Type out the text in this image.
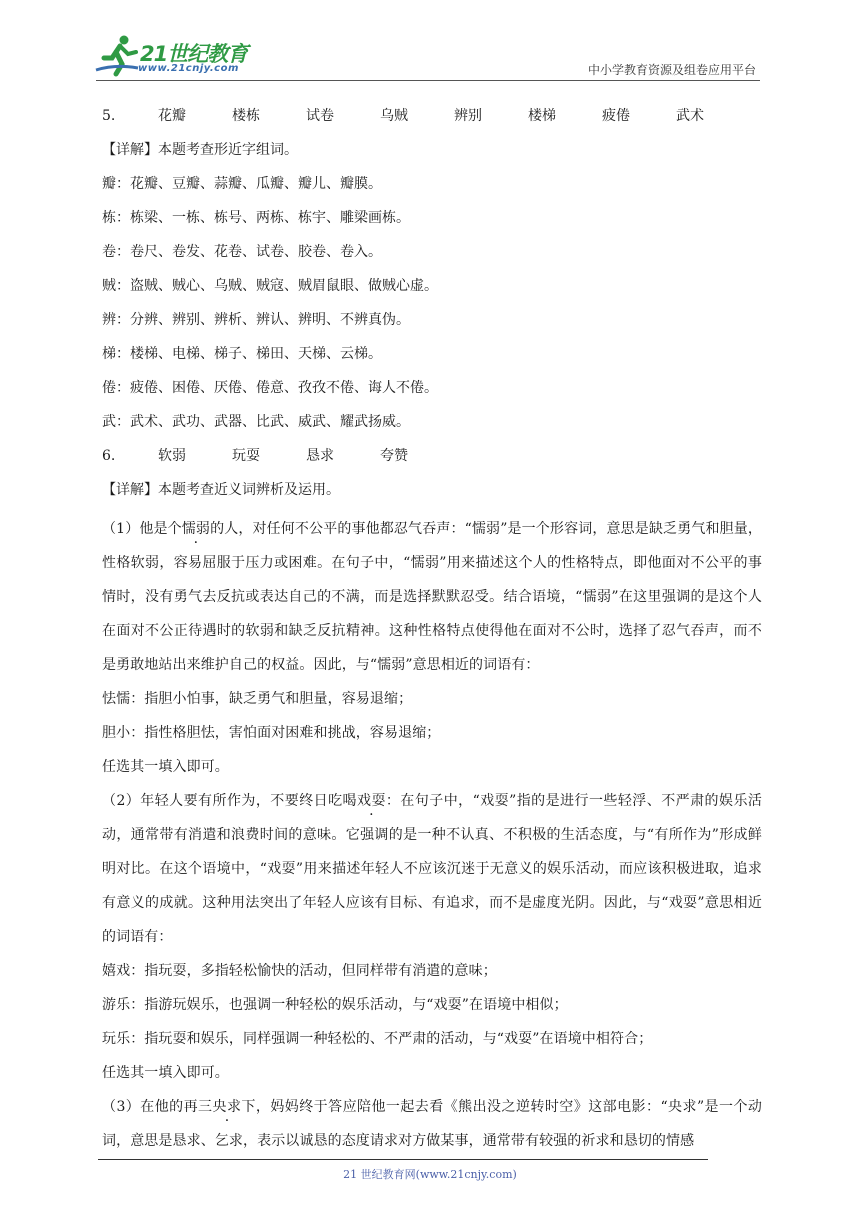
21世纪教育
www.21cnjy.com	中小学教育资源及组卷应用平台
5.	花瓣	楼栋	试卷	乌贼	辨别	楼梯	疲倦	武术
【详解】本题考查形近字组词。
瓣：花瓣、豆瓣、蒜瓣、瓜瓣、瓣儿、瓣膜。
栋：栋梁、一栋、栋号、两栋、栋宇、雕梁画栋。
卷：卷尺、卷发、花卷、试卷、胶卷、卷入。
贼：盗贼、贼心、乌贼、贼寇、贼眉鼠眼、做贼心虚。
辨：分辨、辨别、辨析、辨认、辨明、不辨真伪。
梯：楼梯、电梯、梯子、梯田、天梯、云梯。
倦：疲倦、困倦、厌倦、倦意、孜孜不倦、诲人不倦。
武：武术、武功、武器、比武、威武、耀武扬威。
6.	软弱	玩耍	恳求	夸赞
【详解】本题考查近义词辨析及运用。

（1）他是个懦弱的人，对任何不公平的事他都忍气吞声：“懦弱”是一个形容词，意思是缺乏勇气和胆量，性格软弱，容易屈服于压力或困难。在句子中，“懦弱”用来描述这个人的性格特点，即他面对不公平的事情时，没有勇气去反抗或表达自己的不满，而是选择默默忍受。结合语境，“懦弱”在这里强调的是这个人在面对不公正待遇时的软弱和缺乏反抗精神。这种性格特点使得他在面对不公时，选择了忍气吞声，而不是勇敢地站出来维护自己的权益。因此，与“懦弱”意思相近的词语有：

怯懦：指胆小怕事，缺乏勇气和胆量，容易退缩；

胆小：指性格胆怯，害怕面对困难和挑战，容易退缩；

任选其一填入即可。

（2）年轻人要有所作为，不要终日吃喝戏耍：在句子中，“戏耍”指的是进行一些轻浮、不严肃的娱乐活动，通常带有消遣和浪费时间的意味。它强调的是一种不认真、不积极的生活态度，与“有所作为”形成鲜明对比。在这个语境中，“戏耍”用来描述年轻人不应该沉迷于无意义的娱乐活动，而应该积极进取，追求有意义的成就。这种用法突出了年轻人应该有目标、有追求，而不是虚度光阴。因此，与“戏耍”意思相近的词语有：

嬉戏：指玩耍，多指轻松愉快的活动，但同样带有消遣的意味；

游乐：指游玩娱乐，也强调一种轻松的娱乐活动，与“戏耍”在语境中相似；

玩乐：指玩耍和娱乐，同样强调一种轻松的、不严肃的活动，与“戏耍”在语境中相符合；

任选其一填入即可。

（3）在他的再三央求下，妈妈终于答应陪他一起去看《熊出没之逆转时空》这部电影：“央求”是一个动词，意思是恳求、乞求，表示以诚恳的态度请求对方做某事，通常带有较强的祈求和恳切的情感

21 世纪教育网(www.21cnjy.com)
